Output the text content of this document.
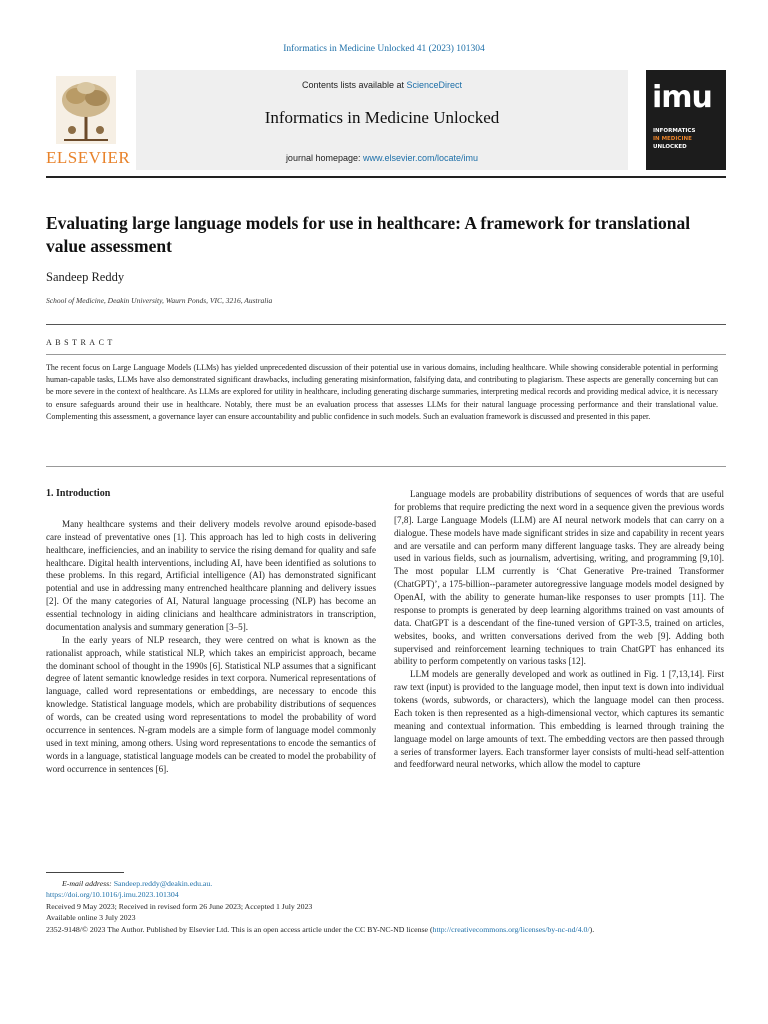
Informatics in Medicine Unlocked 41 (2023) 101304
ELSEVIER
Contents lists available at ScienceDirect
Informatics in Medicine Unlocked
journal homepage: www.elsevier.com/locate/imu
imu
INFORMATICS
IN MEDICINE
UNLOCKED
Evaluating large language models for use in healthcare: A framework for translational value assessment
Sandeep Reddy
School of Medicine, Deakin University, Waurn Ponds, VIC, 3216, Australia
ABSTRACT

The recent focus on Large Language Models (LLMs) has yielded unprecedented discussion of their potential use in various domains, including healthcare. While showing considerable potential in performing human-capable tasks, LLMs have also demonstrated significant drawbacks, including generating misinformation, falsifying data, and contributing to plagiarism. These aspects are generally concerning but can be more severe in the context of healthcare. As LLMs are explored for utility in healthcare, including generating discharge summaries, interpreting medical records and providing medical advice, it is necessary to ensure safeguards around their use in healthcare. Notably, there must be an evaluation process that assesses LLMs for their natural language processing performance and their translational value. Complementing this assessment, a governance layer can ensure accountability and public confidence in such models. Such an evaluation framework is discussed and presented in this paper.

1. Introduction

Many healthcare systems and their delivery models revolve around episode-based care instead of preventative ones [1]. This approach has led to high costs in delivering healthcare, inefficiencies, and an inability to service the rising demand for quality and safe healthcare. Digital health interventions, including AI, have been identified as solutions to these problems. In this regard, Artificial intelligence (AI) has demonstrated significant potential and use in addressing many entrenched healthcare planning and delivery issues [2]. Of the many categories of AI, Natural language processing (NLP) has become an essential technology in aiding clinicians and healthcare administrators in transcription, documentation analysis and summary generation [3–5].

In the early years of NLP research, they were centred on what is known as the rationalist approach, while statistical NLP, which takes an empiricist approach, became the dominant school of thought in the 1990s [6]. Statistical NLP assumes that a significant degree of latent semantic knowledge resides in text corpora. Numerical representations of language, called word representations or embeddings, are necessary to encode this knowledge. Statistical language models, which are probability distributions of sequences of words, can be created using word representations to model the probability of word occurrence in sentences. N-gram models are a simple form of language model commonly used in text mining, among others. Using word representations to encode the semantics of words in a language, statistical language models can be created to model the probability of word occurrence in sentences [6].

Language models are probability distributions of sequences of words that are useful for problems that require predicting the next word in a sequence given the previous words [7,8]. Large Language Models (LLM) are AI neural network models that can carry on a dialogue. These models have made significant strides in size and capability in recent years and are versatile and can perform many different language tasks. They are already being used in various fields, such as journalism, advertising, writing, and programming [9,10]. The most popular LLM currently is ‘Chat Generative Pre-trained Transformer (ChatGPT)’, a 175-billion--parameter autoregressive language models model designed by OpenAI, with the ability to generate human-like responses to user prompts [11]. The response to prompts is generated by deep learning algorithms trained on vast amounts of data. ChatGPT is a descendant of the fine-tuned version of GPT-3.5, trained on articles, websites, books, and written conversations derived from the web [9]. Adding both supervised and reinforcement learning techniques to train ChatGPT has enhanced its ability to perform competently on various tasks [12].

LLM models are generally developed and work as outlined in Fig. 1 [7,13,14]. First raw text (input) is provided to the language model, then input text is down into individual tokens (words, subwords, or characters), which the language model can then process. Each token is then represented as a high-dimensional vector, which captures its semantic meaning and contextual information. This embedding is learned through training the language model on large amounts of text. The embedding vectors are then passed through a series of transformer layers. Each transformer layer consists of multi-head self-attention and feedforward neural networks, which allow the model to capture

E-mail address: Sandeep.reddy@deakin.edu.au.
https://doi.org/10.1016/j.imu.2023.101304
Received 9 May 2023; Received in revised form 26 June 2023; Accepted 1 July 2023
Available online 3 July 2023
2352-9148/© 2023 The Author. Published by Elsevier Ltd. This is an open access article under the CC BY-NC-ND license (http://creativecommons.org/licenses/by-nc-nd/4.0/).
